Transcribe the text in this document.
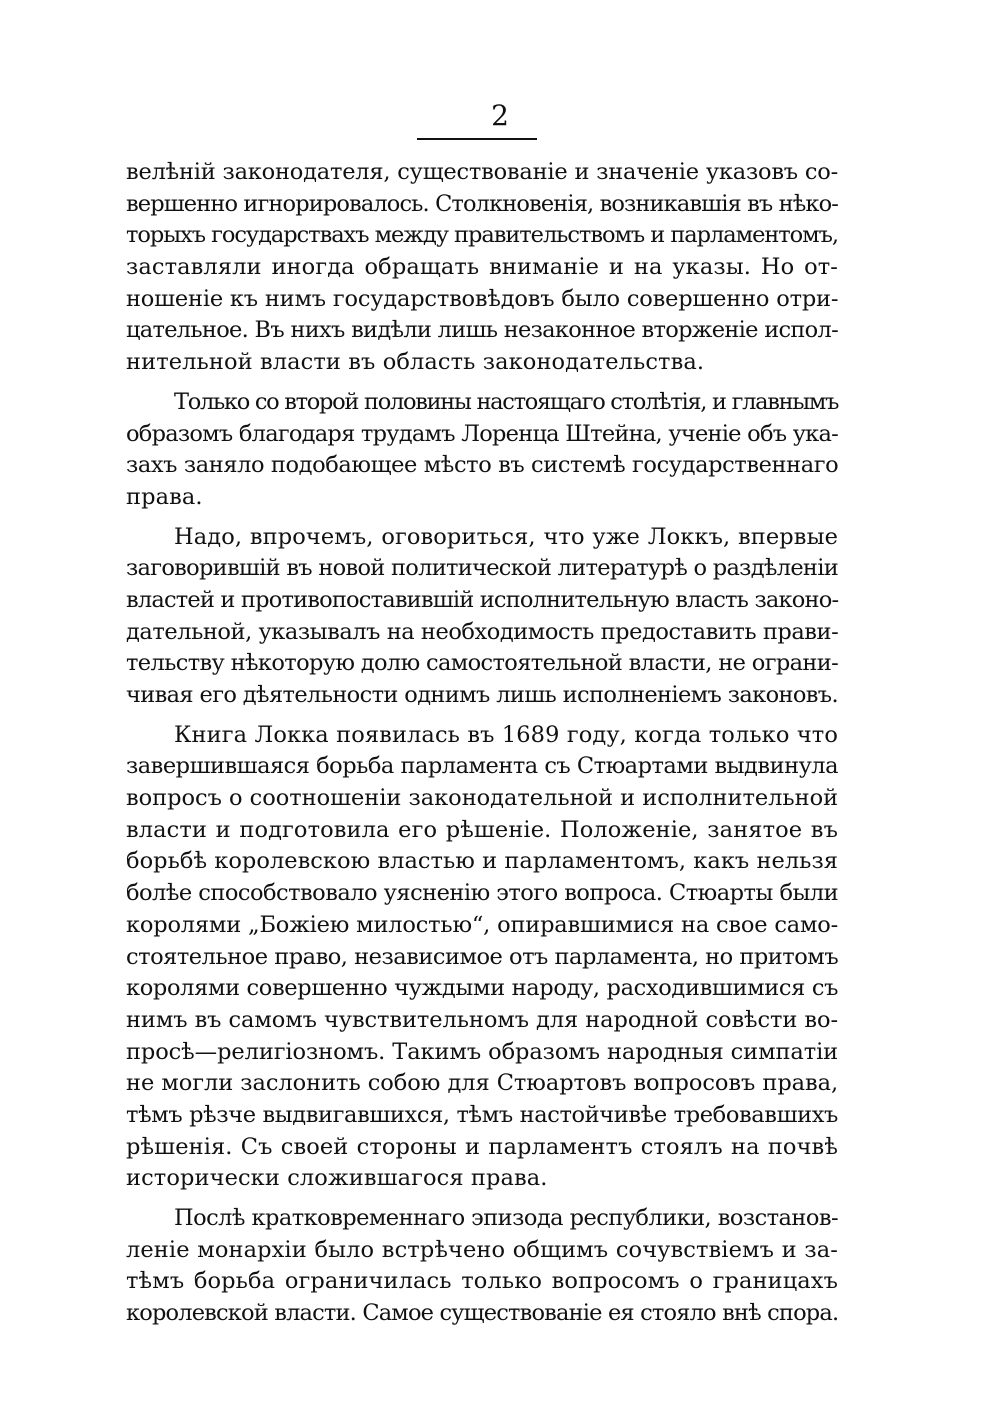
2
велѣній законодателя, существованіе и значеніе указовъ со-
вершенно игнорировалось. Столкновенія, возникавшія въ нѣко-
торыхъ государствахъ между правительствомъ и парламентомъ,
заставляли иногда обращать вниманіе и на указы. Но от-
ношеніе къ нимъ государствовѣдовъ было совершенно отри-
цательное. Въ нихъ видѣли лишь незаконное вторженіе испол-
нительной власти въ область законодательства.
Только со второй половины настоящаго столѣтія, и главнымъ
образомъ благодаря трудамъ Лоренца Штейна, ученіе объ ука-
захъ заняло подобающее мѣсто въ системѣ государственнаго
права.
Надо, впрочемъ, оговориться, что уже Локкъ, впервые
заговорившій въ новой политической литературѣ о раздѣленіи
властей и противопоставившій исполнительную власть законо-
дательной, указывалъ на необходимость предоставить прави-
тельству нѣкоторую долю самостоятельной власти, не ограни-
чивая его дѣятельности однимъ лишь исполненіемъ законовъ.
Книга Локка появилась въ 1689 году, когда только что
завершившаяся борьба парламента съ Стюартами выдвинула
вопросъ о соотношеніи законодательной и исполнительной
власти и подготовила его рѣшеніе. Положеніе, занятое въ
борьбѣ королевскою властью и парламентомъ, какъ нельзя
болѣе способствовало уясненію этого вопроса. Стюарты были
королями „Божіею милостью“, опиравшимися на свое само-
стоятельное право, независимое отъ парламента, но притомъ
королями совершенно чуждыми народу, расходившимися съ
нимъ въ самомъ чувствительномъ для народной совѣсти во-
просѣ—религіозномъ. Такимъ образомъ народныя симпатіи
не могли заслонить собою для Стюартовъ вопросовъ права,
тѣмъ рѣзче выдвигавшихся, тѣмъ настойчивѣе требовавшихъ
рѣшенія. Съ своей стороны и парламентъ стоялъ на почвѣ
исторически сложившагося права.
Послѣ кратковременнаго эпизода республики, возстанов-
леніе монархіи было встрѣчено общимъ сочувствіемъ и за-
тѣмъ борьба ограничилась только вопросомъ о границахъ
королевской власти. Самое существованіе ея стояло внѣ спора.
